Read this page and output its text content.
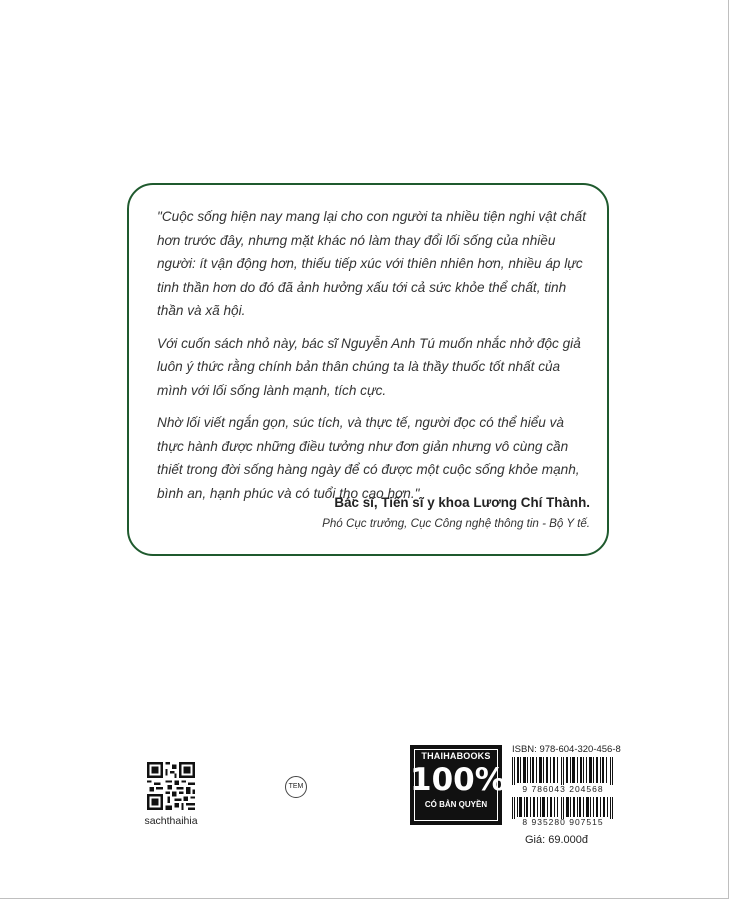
"Cuộc sống hiện nay mang lại cho con người ta nhiều tiện nghi vật chất hơn trước đây, nhưng mặt khác nó làm thay đổi lối sống của nhiều người: ít vận động hơn, thiếu tiếp xúc với thiên nhiên hơn, nhiều áp lực tinh thần hơn do đó đã ảnh hưởng xấu tới cả sức khỏe thể chất, tinh thần và xã hội.

Với cuốn sách nhỏ này, bác sĩ Nguyễn Anh Tú muốn nhắc nhở độc giả luôn ý thức rằng chính bản thân chúng ta là thầy thuốc tốt nhất của mình với lối sống lành mạnh, tích cực.

Nhờ lối viết ngắn gọn, súc tích, và thực tế, người đọc có thể hiểu và thực hành được những điều tưởng như đơn giản nhưng vô cùng cần thiết trong đời sống hàng ngày để có được một cuộc sống khỏe mạnh, bình an, hạnh phúc và có tuổi thọ cao hơn."

Bác sĩ, Tiến sĩ y khoa Lương Chí Thành.
Phó Cục trưởng, Cục Công nghệ thông tin - Bộ Y tế.
sachthaihia
TEM
THAIHABOOKS
100%
CÓ BẢN QUYỀN
ISBN: 978-604-320-456-8
9 786043 204568
8 935280 907515
Giá: 69.000đ
